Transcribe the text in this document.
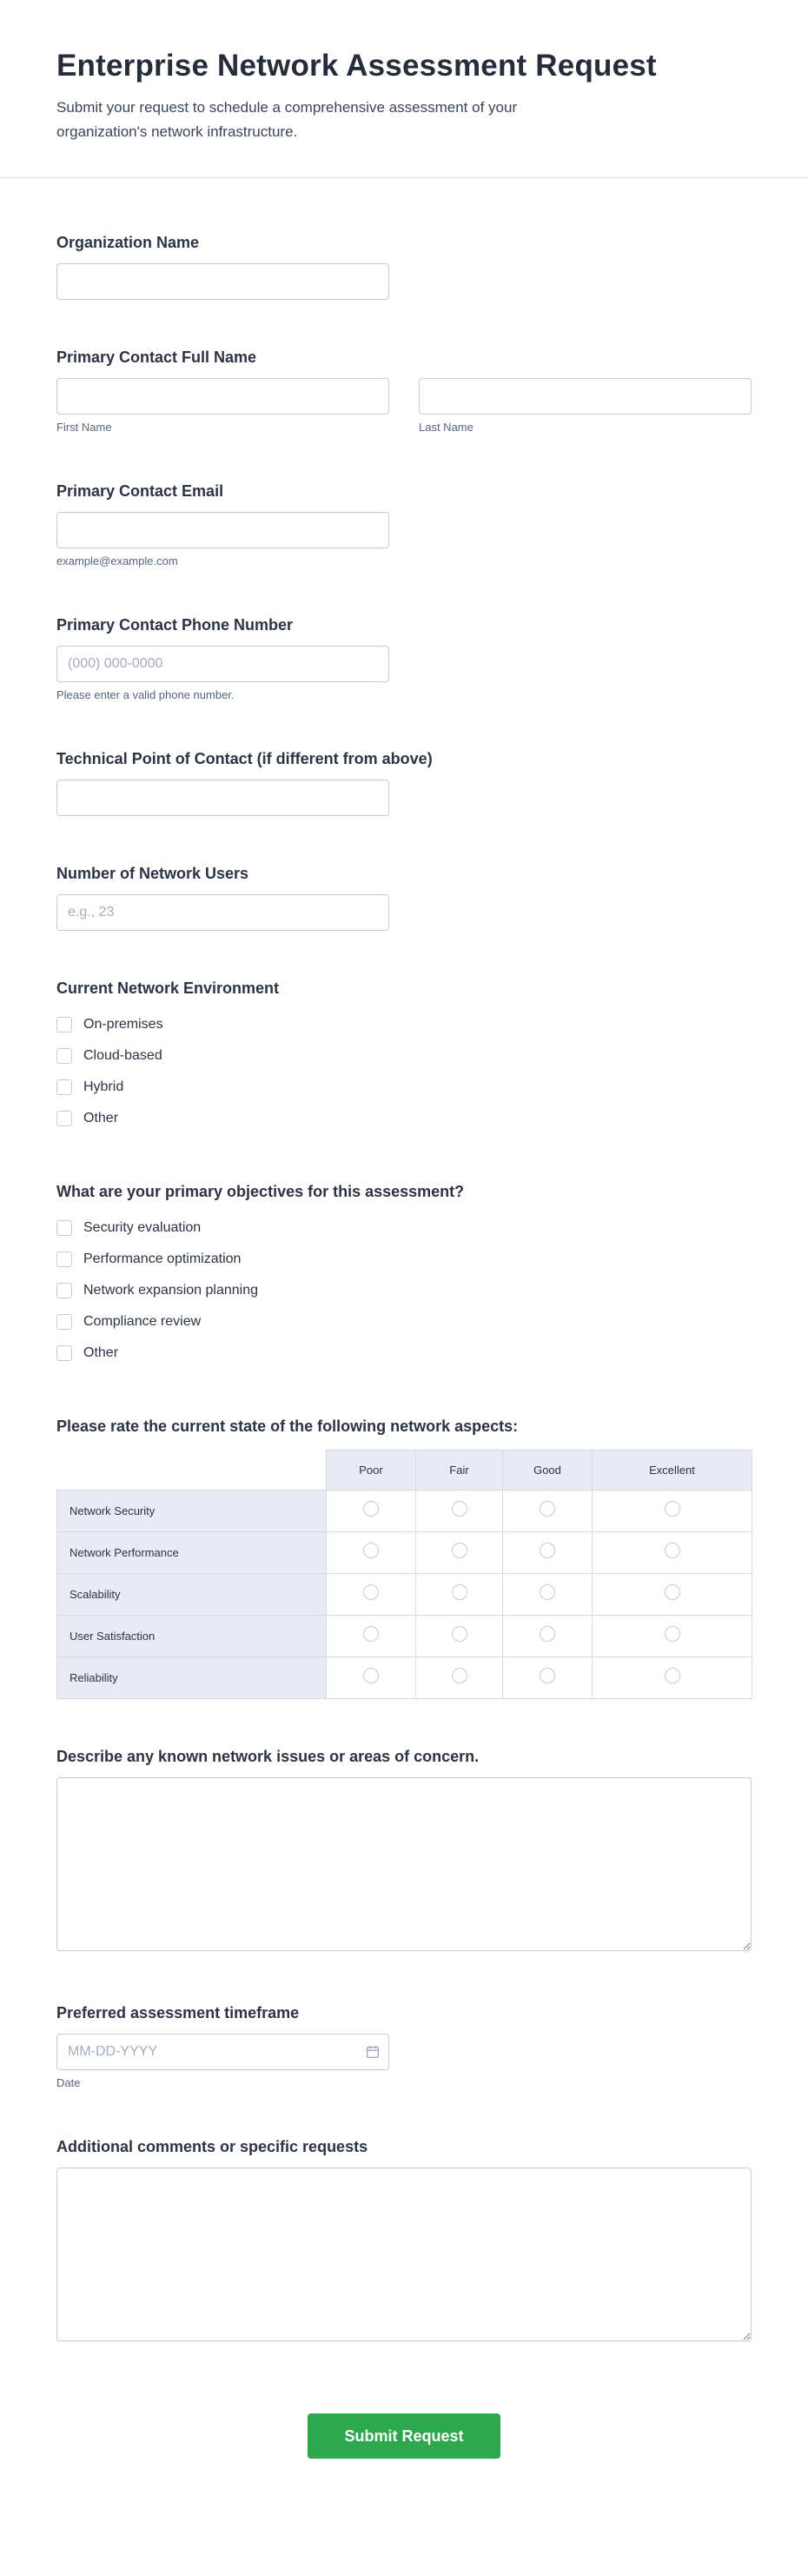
Enterprise Network Assessment Request

Submit your request to schedule a comprehensive assessment of your organization's network infrastructure.

Organization Name
Primary Contact Full Name
First Name	Last Name
Primary Contact Email
example@example.com
Primary Contact Phone Number
(000) 000-0000
Please enter a valid phone number.
Technical Point of Contact (if different from above)
Number of Network Users
e.g., 23
Current Network Environment
On-premises
Cloud-based
Hybrid
Other
What are your primary objectives for this assessment?
Security evaluation
Performance optimization
Network expansion planning
Compliance review
Other
Please rate the current state of the following network aspects:
	Poor	Fair	Good	Excellent
Network Security				
Network Performance				
Scalability				
User Satisfaction				
Reliability				
Describe any known network issues or areas of concern.
Preferred assessment timeframe
MM-DD-YYYY
Date
Additional comments or specific requests
Submit Request
